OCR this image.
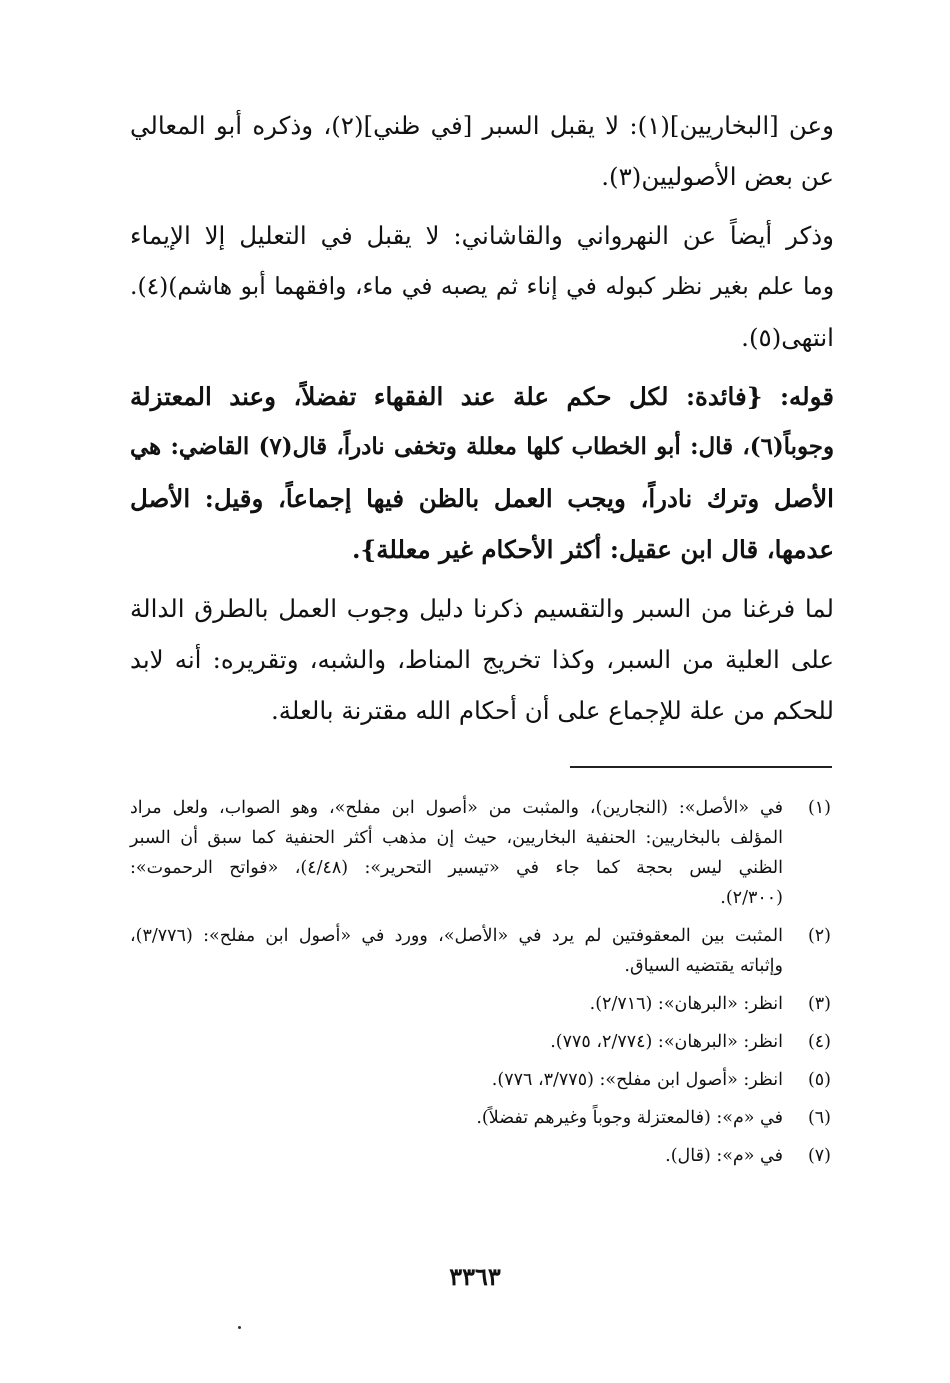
وعن [البخاريين](١): لا يقبل السبر [في ظني](٢)، وذكره أبو المعالي
عن بعض الأصوليين(٣).
وذكر أيضاً عن النهرواني والقاشاني: لا يقبل في التعليل إلا الإيماء
وما علم بغير نظر كبوله في إناء ثم يصبه في ماء، وافقهما أبو هاشم)(٤).
انتهى(٥).
قوله: {فائدة: لكل حكم علة عند الفقهاء تفضلاً، وعند المعتزلة
وجوباً(٦)، قال: أبو الخطاب كلها معللة وتخفى نادراً، قال(٧) القاضي: هي
الأصل وترك نادراً، ويجب العمل بالظن فيها إجماعاً، وقيل: الأصل
عدمها، قال ابن عقيل: أكثر الأحكام غير معللة}.
لما فرغنا من السبر والتقسيم ذكرنا دليل وجوب العمل بالطرق الدالة
على العلية من السبر، وكذا تخريج المناط، والشبه، وتقريره: أنه لابد
للحكم من علة للإجماع على أن أحكام الله مقترنة بالعلة.
(١)
في «الأصل»: (النجارين)، والمثبت من «أصول ابن مفلح»، وهو الصواب، ولعل مراد
المؤلف بالبخاريين: الحنفية البخاريين، حيث إن مذهب أكثر الحنفية كما سبق أن السبر
الظني ليس بحجة كما جاء في «تيسير التحرير»: (٤/٤٨)، «فواتح الرحموت»:
(٢/٣٠٠).
(٢)
المثبت بين المعقوفتين لم يرد في «الأصل»، وورد في «أصول ابن مفلح»: (٣/٧٧٦)،
وإثباته يقتضيه السياق.
(٣)
انظر: «البرهان»: (٢/٧١٦).
(٤)
انظر: «البرهان»: (٢/٧٧٤، ٧٧٥).
(٥)
انظر: «أصول ابن مفلح»: (٣/٧٧٥، ٧٧٦).
(٦)
في «م»: (فالمعتزلة وجوباً وغيرهم تفضلاً).
(٧)
في «م»: (قال).
٣٣٦٣
